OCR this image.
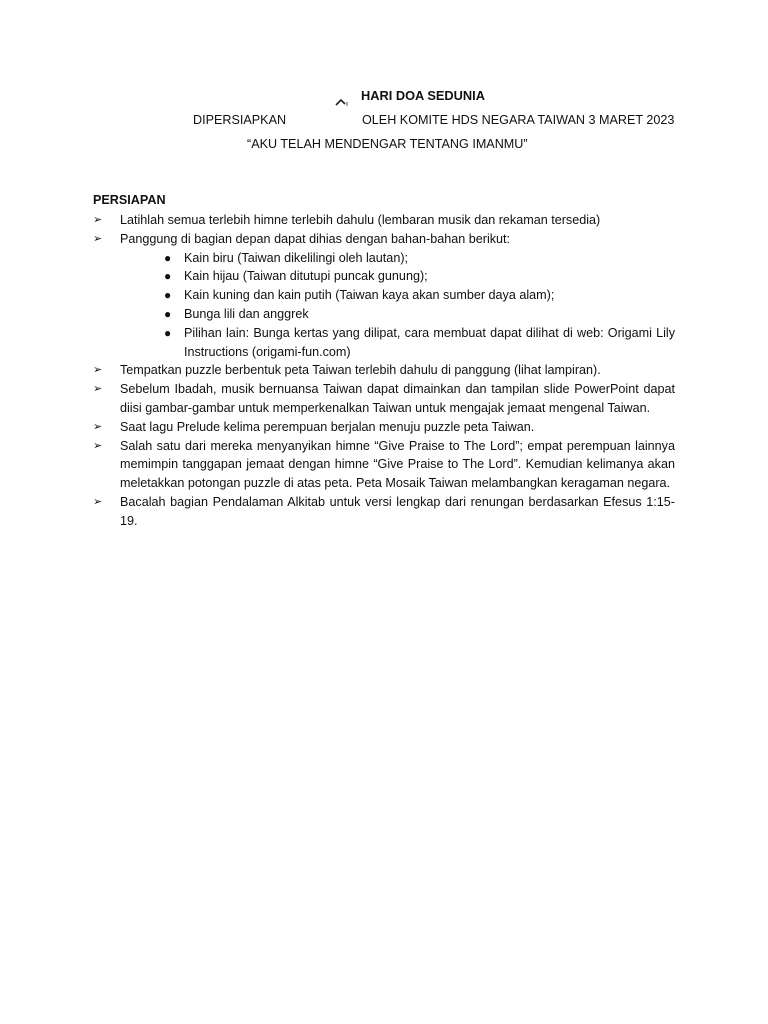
HARI DOA SEDUNIA
DIPERSIAPKAN	OLEH KOMITE HDS NEGARA TAIWAN 3 MARET 2023
“AKU TELAH MENDENGAR TENTANG IMANMU”
PERSIAPAN
➢	Latihlah semua terlebih himne terlebih dahulu (lembaran musik dan rekaman tersedia)
➢	Panggung di bagian depan dapat dihias dengan bahan-bahan berikut:
● Kain biru (Taiwan dikelilingi oleh lautan);
● Kain hijau (Taiwan ditutupi puncak gunung);
● Kain kuning dan kain putih (Taiwan kaya akan sumber daya alam);
● Bunga lili dan anggrek
● Pilihan lain: Bunga kertas yang dilipat, cara membuat dapat dilihat di web: Origami Lily Instructions (origami-fun.com)
➢	Tempatkan puzzle berbentuk peta Taiwan terlebih dahulu di panggung (lihat lampiran).
➢	Sebelum Ibadah, musik bernuansa Taiwan dapat dimainkan dan tampilan slide PowerPoint dapat diisi gambar-gambar untuk memperkenalkan Taiwan untuk mengajak jemaat mengenal Taiwan.
➢	Saat lagu Prelude kelima perempuan berjalan menuju puzzle peta Taiwan.
➢	Salah satu dari mereka menyanyikan himne “Give Praise to The Lord”; empat perempuan lainnya memimpin tanggapan jemaat dengan himne “Give Praise to The Lord”. Kemudian kelimanya akan meletakkan potongan puzzle di atas peta. Peta Mosaik Taiwan melambangkan keragaman negara.
➢	Bacalah bagian Pendalaman Alkitab untuk versi lengkap dari renungan berdasarkan Efesus 1:15-19.
